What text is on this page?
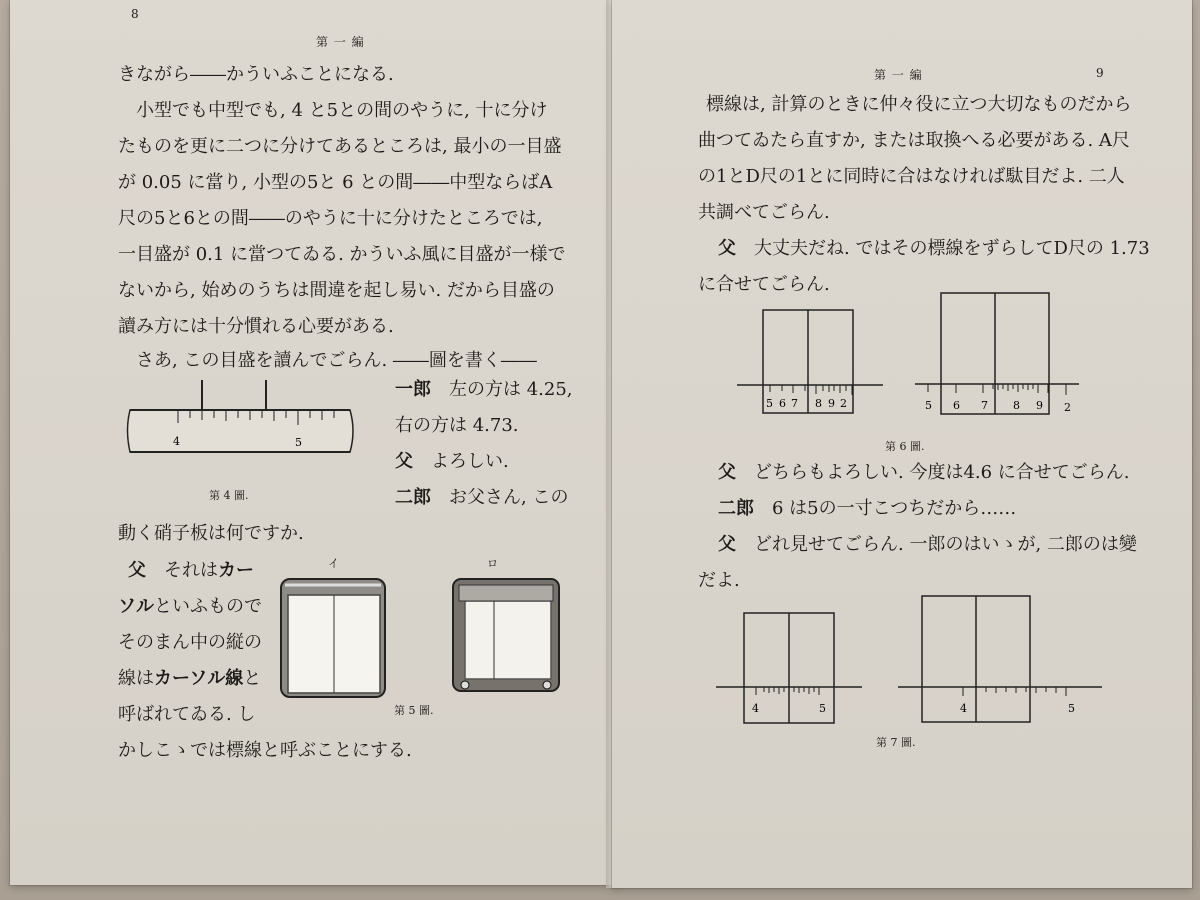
8
第 一 編
きながら――かういふことになる.
　小型でも中型でも, 4 と5との間のやうに, 十に分け
たものを更に二つに分けてあるところは, 最小の一目盛
が 0.05 に當り, 小型の5と 6 との間――中型ならばA
尺の5と6との間――のやうに十に分けたところでは,
一目盛が 0.1 に當つてゐる. かういふ風に目盛が一様で
ないから, 始めのうちは間違を起し易い. だから目盛の
讀み方には十分慣れる心要がある.
　さあ, この目盛を讀んでごらん. ――圖を書く――
4	5
第 4 圖.
一郎　 左の方は 4.25,
右の方は 4.73.
父　 よろしい.
二郎　 お父さん, この
動く硝子板は何ですか.
父　 それはカー
ソルといふもので
そのまん中の縦の
線はカーソル線と
呼ばれてゐる. し
かしこゝでは標線と呼ぶことにする.
イ	ロ
第 5 圖.
第 一 編	9
　標線は, 計算のときに仲々役に立つ大切なものだから
曲つてゐたら直すか, または取換へる必要がある. A尺
の1とD尺の1とに同時に合はなければ駄目だよ. 二人
共調べてごらん.
父　 大丈夫だね. ではその標線をずらしてD尺の 1.73
に合せてごらん.
5 6 7 8 9 2	5 6 7 8 9 2
第 6 圖.
父　 どちらもよろしい. 今度は4.6 に合せてごらん.
二郎　 6 は5の一寸こつちだから……
父　 どれ見せてごらん. 一郎のはいゝが, 二郎のは變
だよ.
4	5	4	5
第 7 圖.
